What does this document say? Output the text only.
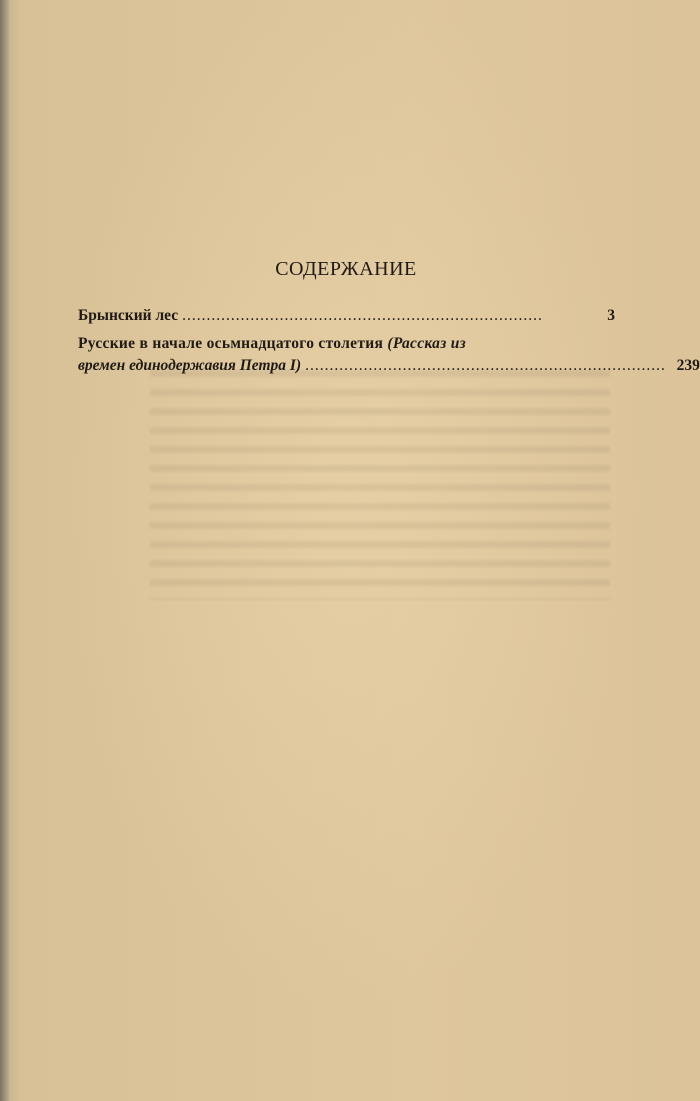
СОДЕРЖАНИЕ
Брынский лес ..........................................................................	3
Русские в начале осьмнадцатого столетия (Рассказ из
времен единодержавия Петра I) .......................................................................... 239
